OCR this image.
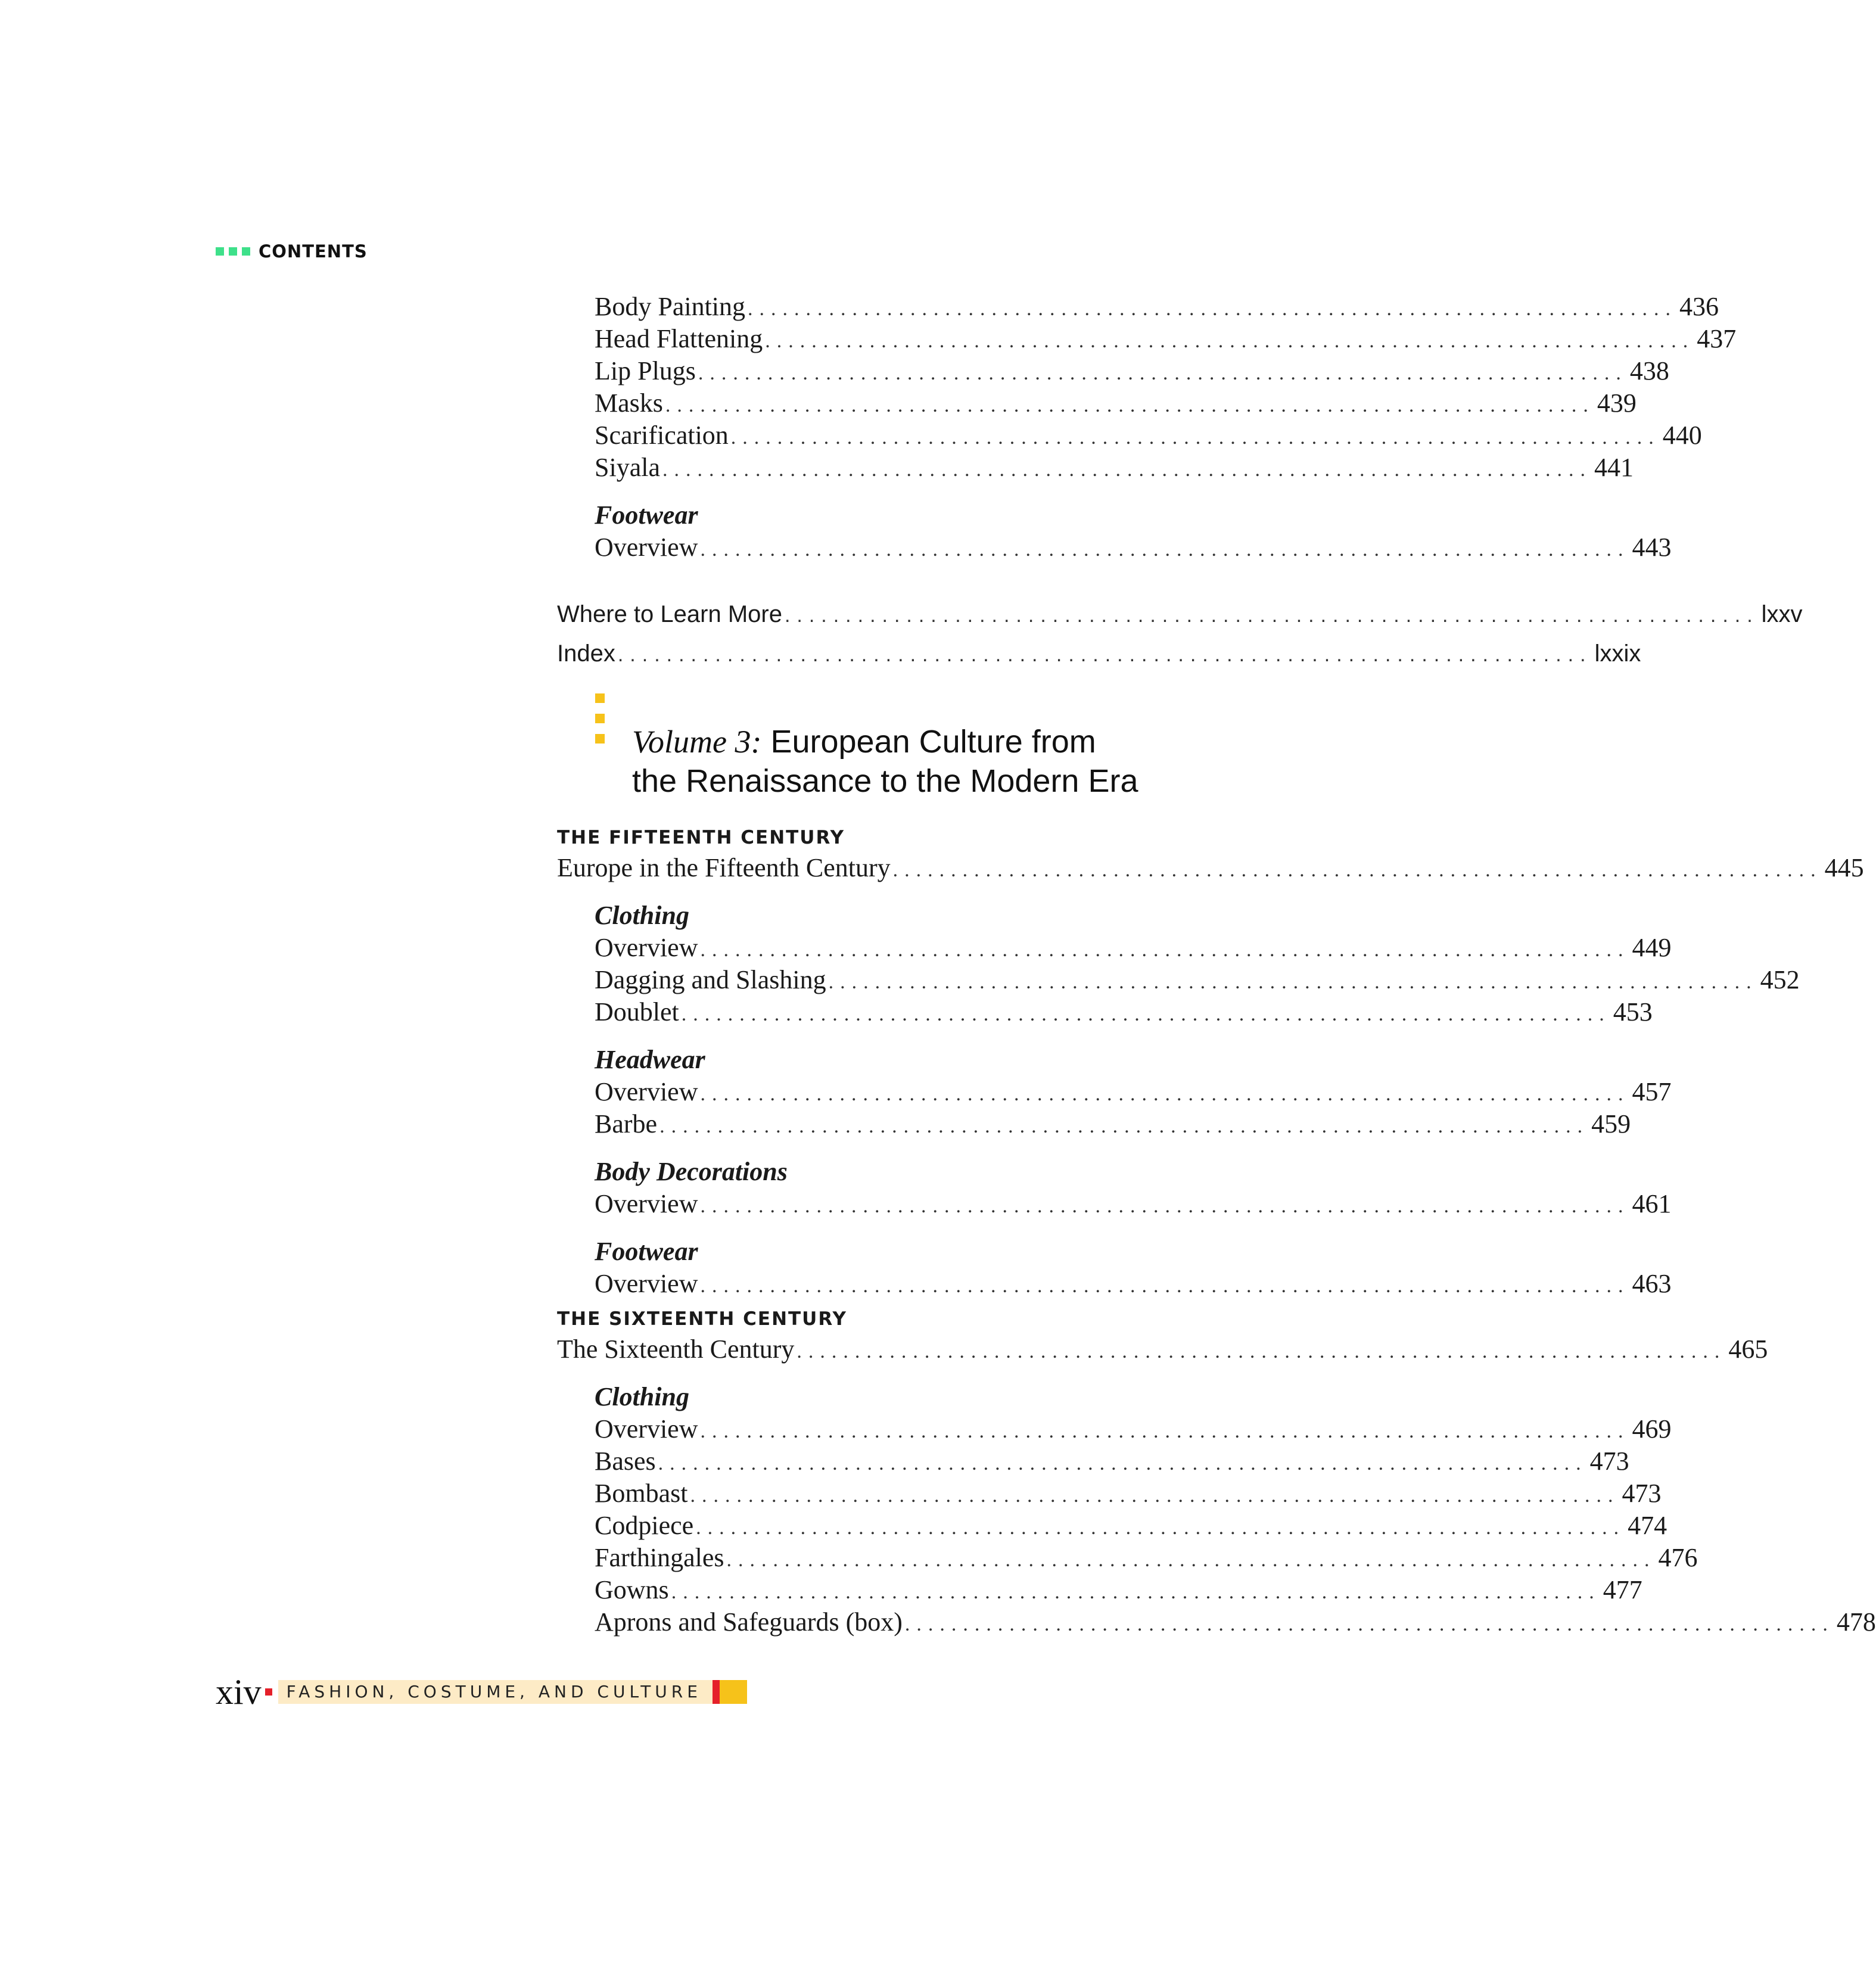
CONTENTS
Body Painting ................................................................................ 436
Head Flattening ................................................................................ 437
Lip Plugs ................................................................................ 438
Masks ................................................................................ 439
Scarification ................................................................................ 440
Siyala ................................................................................ 441
Footwear
Overview ................................................................................ 443
Where to Learn More ................................................................................ lxxv
Index ................................................................................ lxxix
Volume 3: European Culture from
the Renaissance to the Modern Era
THE FIFTEENTH CENTURY
Europe in the Fifteenth Century ................................................................................ 445
Clothing
Overview ................................................................................ 449
Dagging and Slashing ................................................................................ 452
Doublet ................................................................................ 453
Headwear
Overview ................................................................................ 457
Barbe ................................................................................ 459
Body Decorations
Overview ................................................................................ 461
Footwear
Overview ................................................................................ 463
THE SIXTEENTH CENTURY
The Sixteenth Century ................................................................................ 465
Clothing
Overview ................................................................................ 469
Bases ................................................................................ 473
Bombast ................................................................................ 473
Codpiece ................................................................................ 474
Farthingales ................................................................................ 476
Gowns ................................................................................ 477
Aprons and Safeguards (box) ................................................................................ 478
xiv	FASHION, COSTUME, AND CULTURE
